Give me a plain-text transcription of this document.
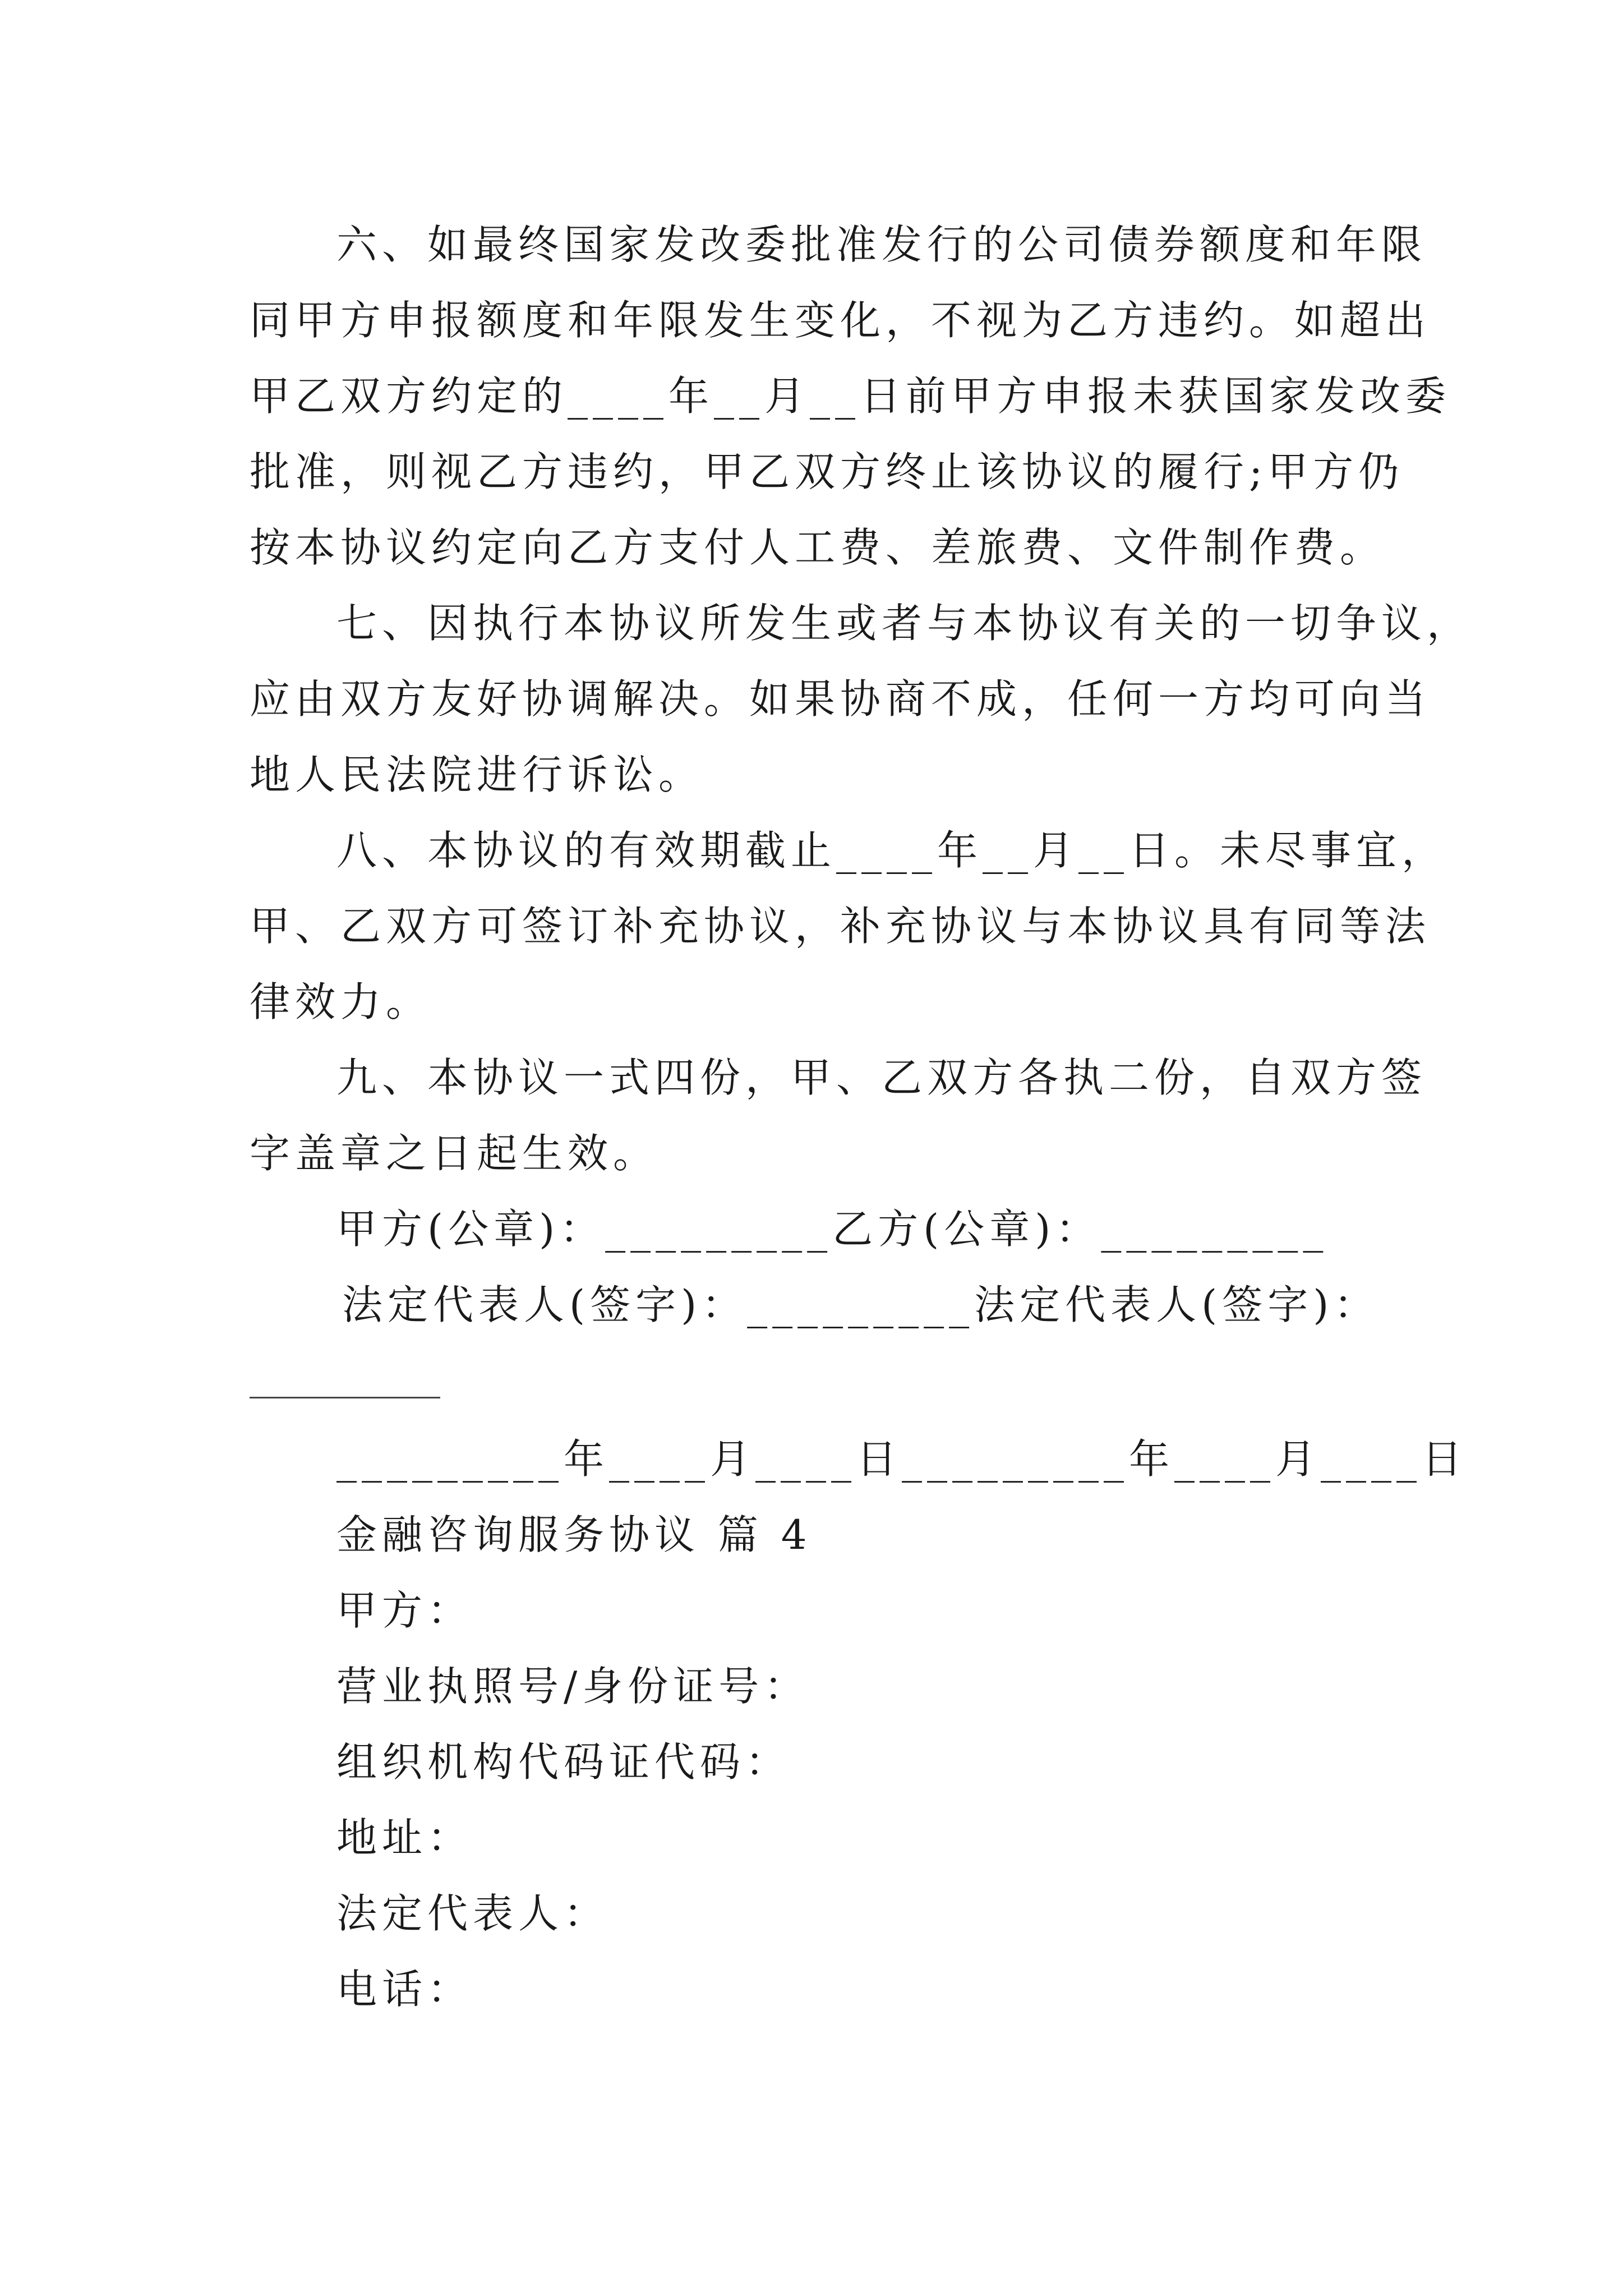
六、如最终国家发改委批准发行的公司债券额度和年限
同甲方申报额度和年限发生变化，不视为乙方违约。如超出
甲乙双方约定的____年__月__日前甲方申报未获国家发改委
批准，则视乙方违约，甲乙双方终止该协议的履行;甲方仍
按本协议约定向乙方支付人工费、差旅费、文件制作费。
七、因执行本协议所发生或者与本协议有关的一切争议，
应由双方友好协调解决。如果协商不成，任何一方均可向当
地人民法院进行诉讼。
八、本协议的有效期截止____年__月__日。未尽事宜，
甲、乙双方可签订补充协议，补充协议与本协议具有同等法
律效力。
九、本协议一式四份，甲、乙双方各执二份，自双方签
字盖章之日起生效。
甲方(公章)：_________乙方(公章)：_________
法定代表人(签字)：_________法定代表人(签字)：
_________年____月____日_________年____月____日
金融咨询服务协议 篇 4
甲方：
营业执照号/身份证号：
组织机构代码证代码：
地址：
法定代表人：
电话：
